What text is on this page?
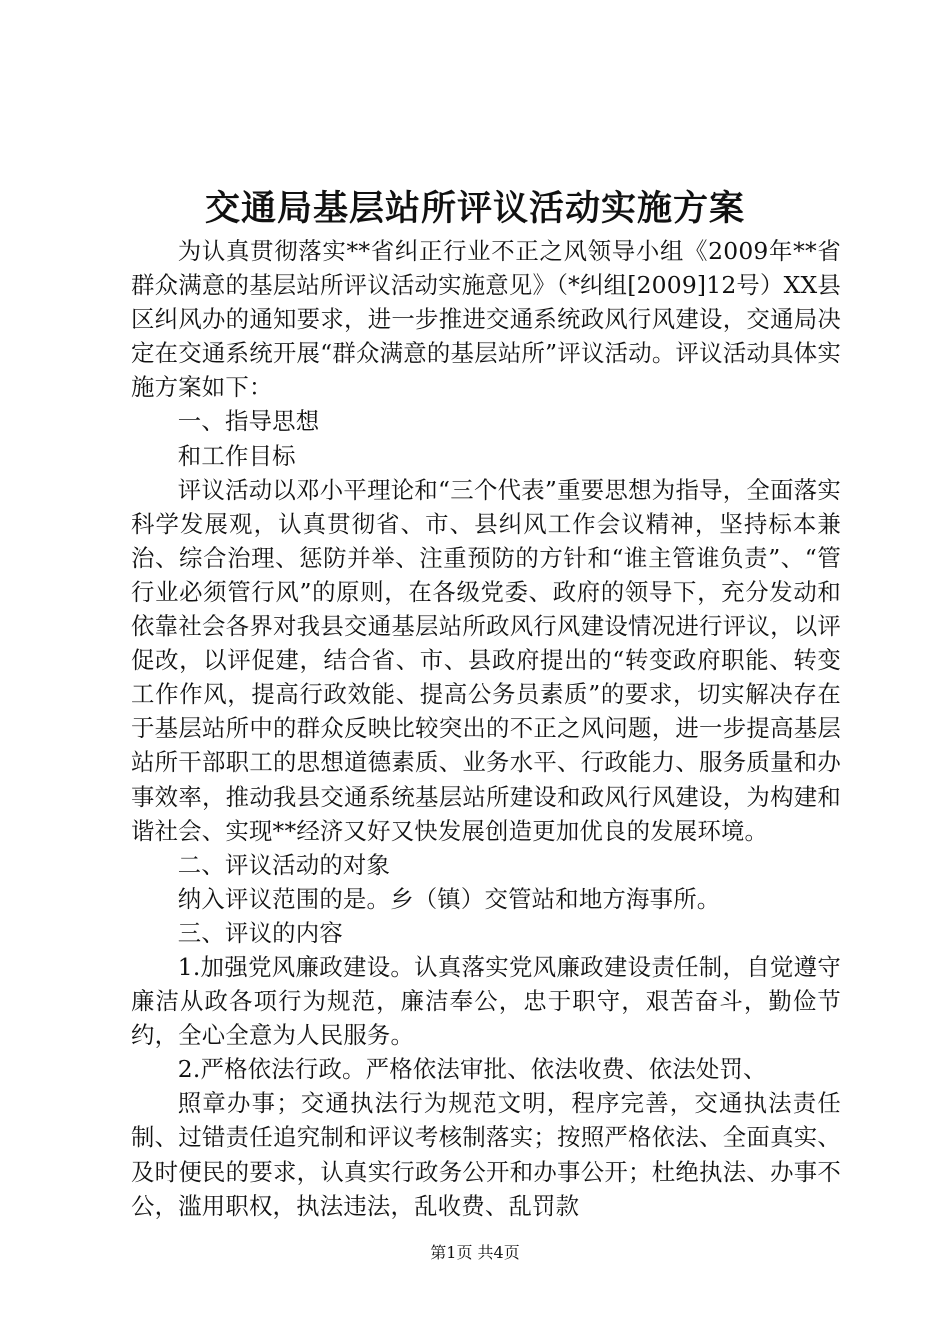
交通局基层站所评议活动实施方案

为认真贯彻落实**省纠正行业不正之风领导小组《2009年**省群众满意的基层站所评议活动实施意见》（*纠组[2009]12号）XX县区纠风办的通知要求，进一步推进交通系统政风行风建设，交通局决定在交通系统开展“群众满意的基层站所”评议活动。评议活动具体实施方案如下：

一、指导思想

和工作目标

评议活动以邓小平理论和“三个代表”重要思想为指导，全面落实科学发展观，认真贯彻省、市、县纠风工作会议精神，坚持标本兼治、综合治理、惩防并举、注重预防的方针和“谁主管谁负责”、“管行业必须管行风”的原则，在各级党委、政府的领导下，充分发动和依靠社会各界对我县交通基层站所政风行风建设情况进行评议，以评促改，以评促建，结合省、市、县政府提出的“转变政府职能、转变工作作风，提高行政效能、提高公务员素质”的要求，切实解决存在于基层站所中的群众反映比较突出的不正之风问题，进一步提高基层站所干部职工的思想道德素质、业务水平、行政能力、服务质量和办事效率，推动我县交通系统基层站所建设和政风行风建设，为构建和谐社会、实现**经济又好又快发展创造更加优良的发展环境。

二、评议活动的对象

纳入评议范围的是。乡（镇）交管站和地方海事所。

三、评议的内容

1.加强党风廉政建设。认真落实党风廉政建设责任制，自觉遵守廉洁从政各项行为规范，廉洁奉公，忠于职守，艰苦奋斗，勤俭节约，全心全意为人民服务。

2.严格依法行政。严格依法审批、依法收费、依法处罚、

照章办事；交通执法行为规范文明，程序完善，交通执法责任制、过错责任追究制和评议考核制落实；按照严格依法、全面真实、及时便民的要求，认真实行政务公开和办事公开；杜绝执法、办事不公，滥用职权，执法违法，乱收费、乱罚款

第1页 共4页
